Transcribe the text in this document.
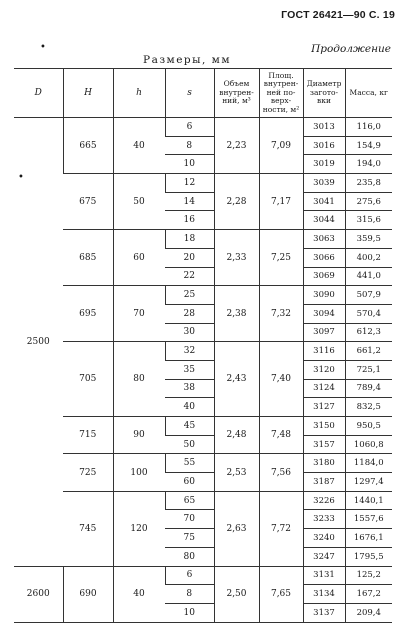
ГОСТ 26421—90 С. 19
•
•
Продолжение
Размеры, мм
D	H	h	s	Объем внутрен-ний, м³	Площ. внутрен-ней по-верх-ности, м²	Диаметр загото-вки	Масса, кг
2500	665	40	6	2,23	7,09	3013	116,0
			8			3016	154,9
			10			3019	194,0
	675	50	12	2,28	7,17	3039	235,8
			14			3041	275,6
			16			3044	315,6
	685	60	18	2,33	7,25	3063	359,5
			20			3066	400,2
			22			3069	441,0
	695	70	25	2,38	7,32	3090	507,9
			28			3094	570,4
			30			3097	612,3
	705	80	32	2,43	7,40	3116	661,2
			35			3120	725,1
			38			3124	789,4
			40			3127	832,5
	715	90	45	2,48	7,48	3150	950,5
			50			3157	1060,8
	725	100	55	2,53	7,56	3180	1184,0
			60			3187	1297,4
	745	120	65	2,63	7,72	3226	1440,1
			70			3233	1557,6
			75			3240	1676,1
			80			3247	1795,5
2600	690	40	6	2,50	7,65	3131	125,2
			8			3134	167,2
			10			3137	209,4
